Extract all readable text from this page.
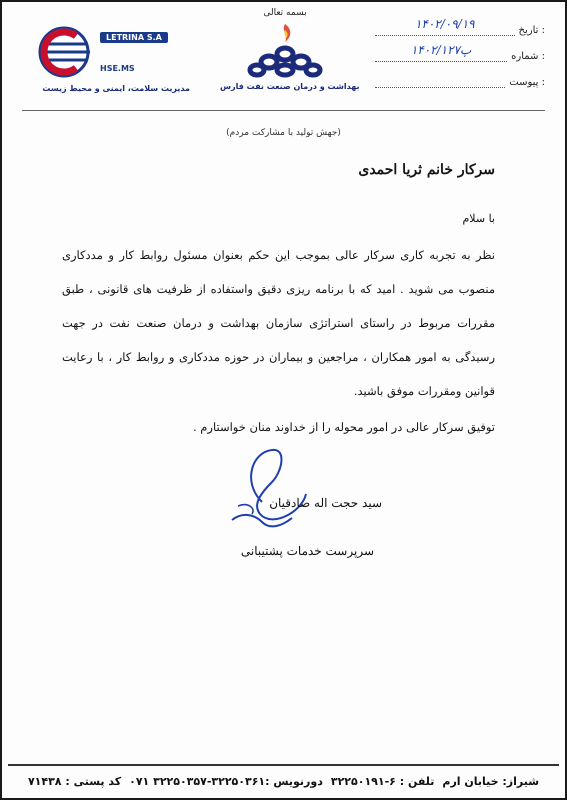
تاریخ :
۱۴۰۲/۰۹/۱۹
شماره :
پ۱۴۰۲/۱۲۷
پیوست :
بسمه تعالی
بهداشت و درمان صنعت نفت فارس
LETRINA S.A
HSE.MS
مدیریت سلامت، ایمنی و محیط زیست
(جهش تولید با مشارکت مردم)
سرکار خانم ثریا احمدی
با سلام
نظر به تجربه کاری سرکار عالی بموجب این حکم بعنوان مسئول روابط کار و مددکاری منصوب می شوید . امید که با برنامه ریزی دقیق واستفاده از ظرفیت های قانونی ، طبق مقررات مربوط در راستای استراتژی سازمان بهداشت و درمان صنعت نفت در جهت رسیدگی به امور همکاران ، مراجعین و بیماران در حوزه مددکاری و روابط کار ، با رعایت قوانین ومقررات موفق باشید.
توفیق سرکار عالی در امور محوله را از خداوند منان خواستارم .
سید حجت اله صادقیان
سرپرست خدمات پشتیبانی
شیراز: خیابان ارم
تلفن : ۶-۳۲۲۵۰۱۹۱
دورنویس :۳۲۲۵۰۳۶۱-۳۲۲۵۰۳۵۷ ۰۷۱
کد پستی : ۷۱۴۳۸
